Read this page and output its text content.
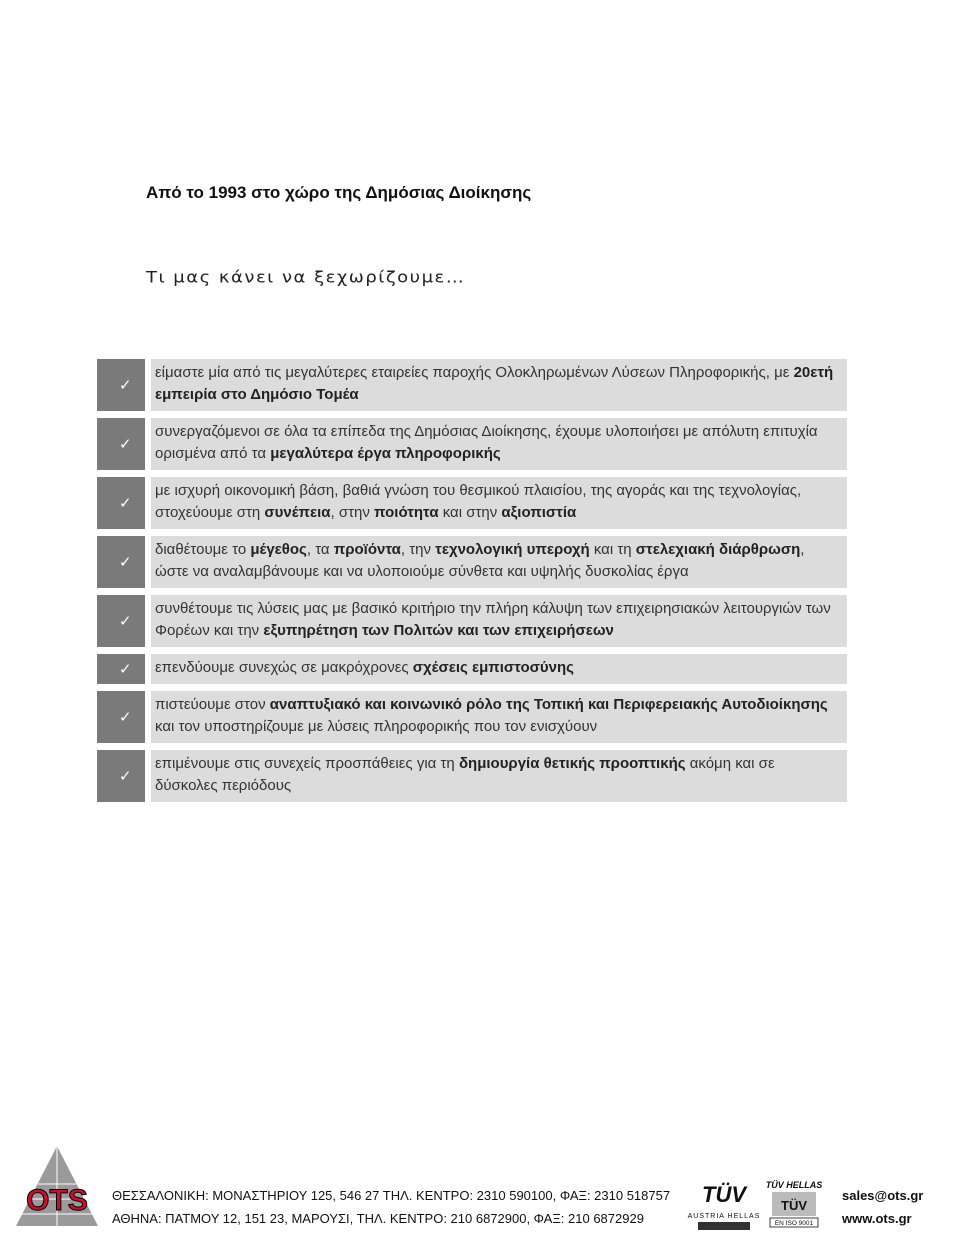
Από το 1993 στο χώρο της Δημόσιας Διοίκησης
Τι μας κάνει να ξεχωρίζουμε…
✓
είμαστε μία από τις μεγαλύτερες εταιρείες παροχής Ολοκληρωμένων Λύσεων Πληροφορικής, με 20ετή εμπειρία στο Δημόσιο Τομέα
✓
συνεργαζόμενοι σε όλα τα επίπεδα της Δημόσιας Διοίκησης, έχουμε υλοποιήσει με απόλυτη επιτυχία ορισμένα από τα μεγαλύτερα έργα πληροφορικής
✓
με ισχυρή οικονομική βάση, βαθιά γνώση του θεσμικού πλαισίου, της αγοράς και της τεχνολογίας, στοχεύουμε στη συνέπεια, στην ποιότητα και στην αξιοπιστία
✓
διαθέτουμε το μέγεθος, τα προϊόντα, την τεχνολογική υπεροχή και τη στελεχιακή διάρθρωση, ώστε να αναλαμβάνουμε και να υλοποιούμε σύνθετα και υψηλής δυσκολίας έργα
✓
συνθέτουμε τις λύσεις μας με βασικό κριτήριο την πλήρη κάλυψη των επιχειρησιακών λειτουργιών των Φορέων και την εξυπηρέτηση των Πολιτών και των επιχειρήσεων
✓ επενδύουμε συνεχώς σε μακρόχρονες σχέσεις εμπιστοσύνης
✓
πιστεύουμε στον αναπτυξιακό και κοινωνικό ρόλο της Τοπική και Περιφερειακής Αυτοδιοίκησης και τον υποστηρίζουμε με λύσεις πληροφορικής που τον ενισχύουν
✓
επιμένουμε στις συνεχείς προσπάθειες για τη δημιουργία θετικής προοπτικής ακόμη και σε δύσκολες περιόδους
OTS	TÜV
AUSTRIA HELLAS
TÜV HELLAS
TÜV
EN ISO 9001
ΘΕΣΣΑΛΟΝΙΚΗ: ΜΟΝΑΣΤΗΡΙΟΥ 125, 546 27 ΤΗΛ. ΚΕΝΤΡΟ: 2310 590100, ΦΑΞ: 2310 518757
ΑΘΗΝΑ: ΠΑΤΜΟΥ 12, 151 23, ΜΑΡΟΥΣΙ, ΤΗΛ. ΚΕΝΤΡΟ: 210 6872900, ΦΑΞ: 210 6872929
sales@ots.gr
www.ots.gr
